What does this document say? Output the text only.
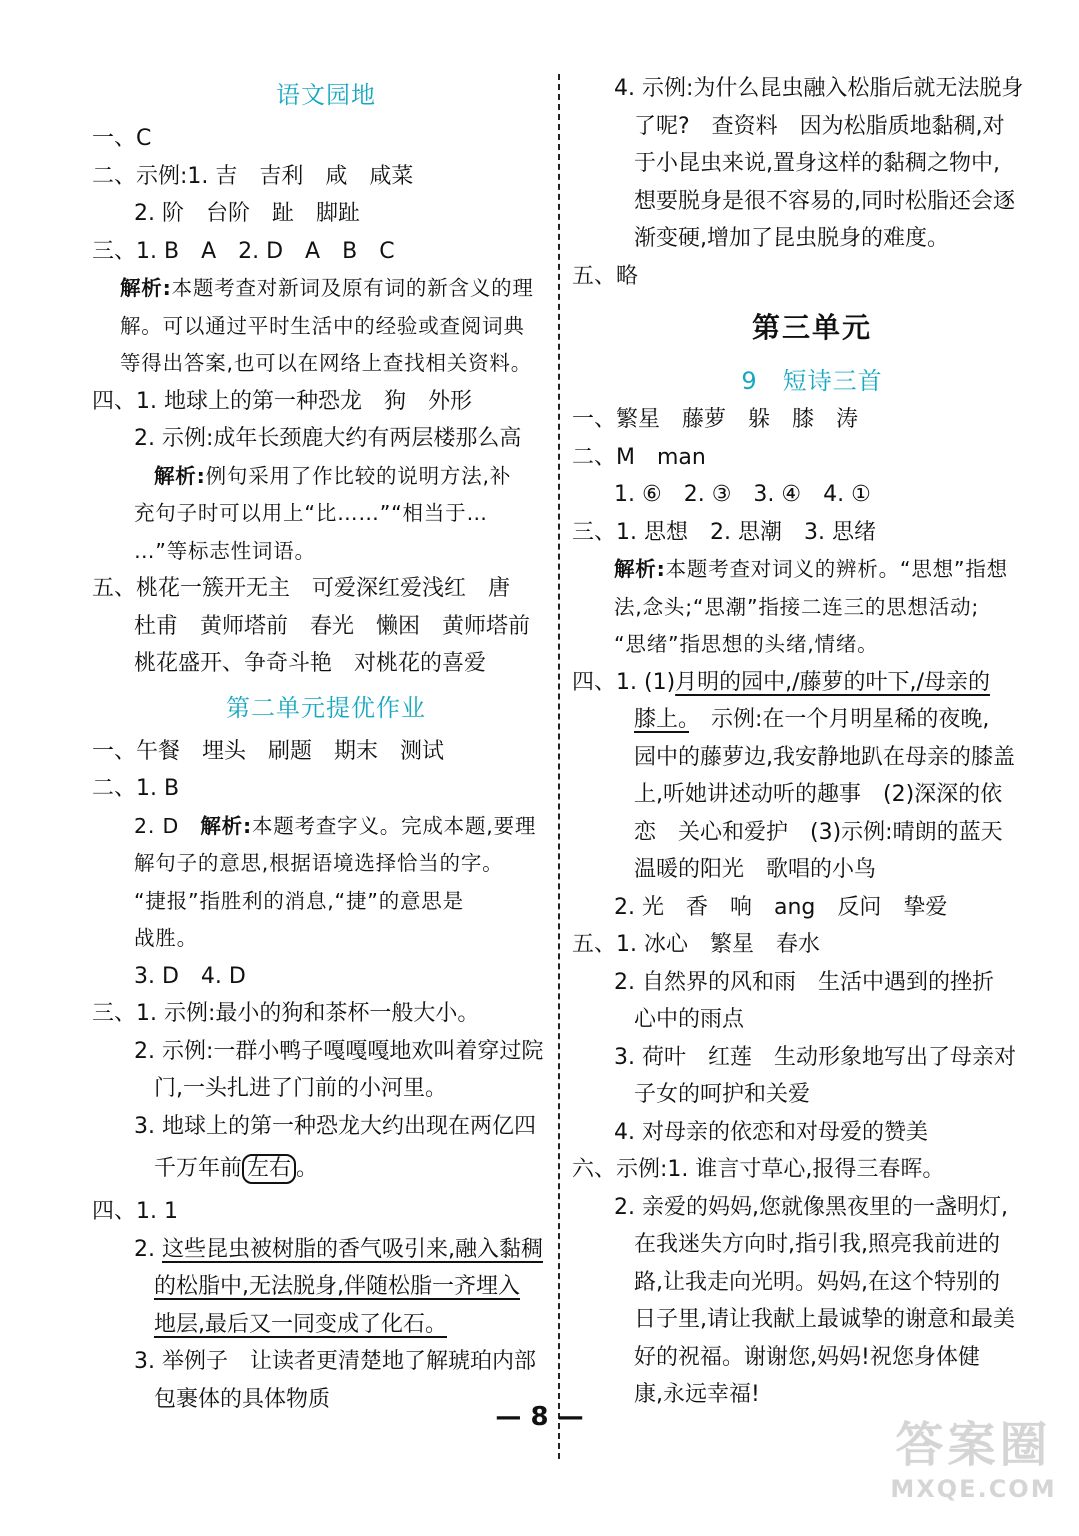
语文园地
一、C
二、示例:1. 吉　吉利　咸　咸菜
2. 阶　台阶　趾　脚趾
三、1. B　A　2. D　A　B　C
解析:本题考查对新词及原有词的新含义的理
解。可以通过平时生活中的经验或查阅词典
等得出答案,也可以在网络上查找相关资料。
四、1. 地球上的第一种恐龙　狗　外形
2. 示例:成年长颈鹿大约有两层楼那么高
解析:例句采用了作比较的说明方法,补
充句子时可以用上“比……”“相当于…
…”等标志性词语。
五、桃花一簇开无主　可爱深红爱浅红　唐
杜甫　黄师塔前　春光　懒困　黄师塔前
桃花盛开、争奇斗艳　对桃花的喜爱
第二单元提优作业
一、午餐　埋头　刷题　期末　测试
二、1. B
2. D　解析:本题考查字义。完成本题,要理
解句子的意思,根据语境选择恰当的字。
“捷报”指胜利的消息,“捷”的意思是
战胜。
3. D　4. D
三、1. 示例:最小的狗和茶杯一般大小。
2. 示例:一群小鸭子嘎嘎嘎地欢叫着穿过院
门,一头扎进了门前的小河里。
3. 地球上的第一种恐龙大约出现在两亿四
千万年前 左右 。
四、1. 1
2. 这些昆虫被树脂的香气吸引来,融入黏稠
的松脂中,无法脱身,伴随松脂一齐埋入
地层,最后又一同变成了化石。
3. 举例子　让读者更清楚地了解琥珀内部
包裹体的具体物质
4. 示例:为什么昆虫融入松脂后就无法脱身
了呢?　查资料　因为松脂质地黏稠,对
于小昆虫来说,置身这样的黏稠之物中,
想要脱身是很不容易的,同时松脂还会逐
渐变硬,增加了昆虫脱身的难度。
五、略
第三单元
9　短诗三首
一、繁星　藤萝　躲　膝　涛
二、M　man
1. ⑥　2. ③　3. ④　4. ①
三、1. 思想　2. 思潮　3. 思绪
解析:本题考查对词义的辨析。“思想”指想
法,念头;“思潮”指接二连三的思想活动;
“思绪”指思想的头绪,情绪。
四、1. (1)月明的园中,/藤萝的叶下,/母亲的
膝上。　示例:在一个月明星稀的夜晚,
园中的藤萝边,我安静地趴在母亲的膝盖
上,听她讲述动听的趣事　(2)深深的依
恋　关心和爱护　(3)示例:晴朗的蓝天
温暖的阳光　歌唱的小鸟
2. 光　香　响　ang　反问　挚爱
五、1. 冰心　繁星　春水
2. 自然界的风和雨　生活中遇到的挫折
心中的雨点
3. 荷叶　红莲　生动形象地写出了母亲对
子女的呵护和关爱
4. 对母亲的依恋和对母爱的赞美
六、示例:1. 谁言寸草心,报得三春晖。
2. 亲爱的妈妈,您就像黑夜里的一盏明灯,
在我迷失方向时,指引我,照亮我前进的
路,让我走向光明。妈妈,在这个特别的
日子里,请让我献上最诚挚的谢意和最美
好的祝福。谢谢您,妈妈!祝您身体健
康,永远幸福!
— 8 —	答案圈
MXQE.COM
